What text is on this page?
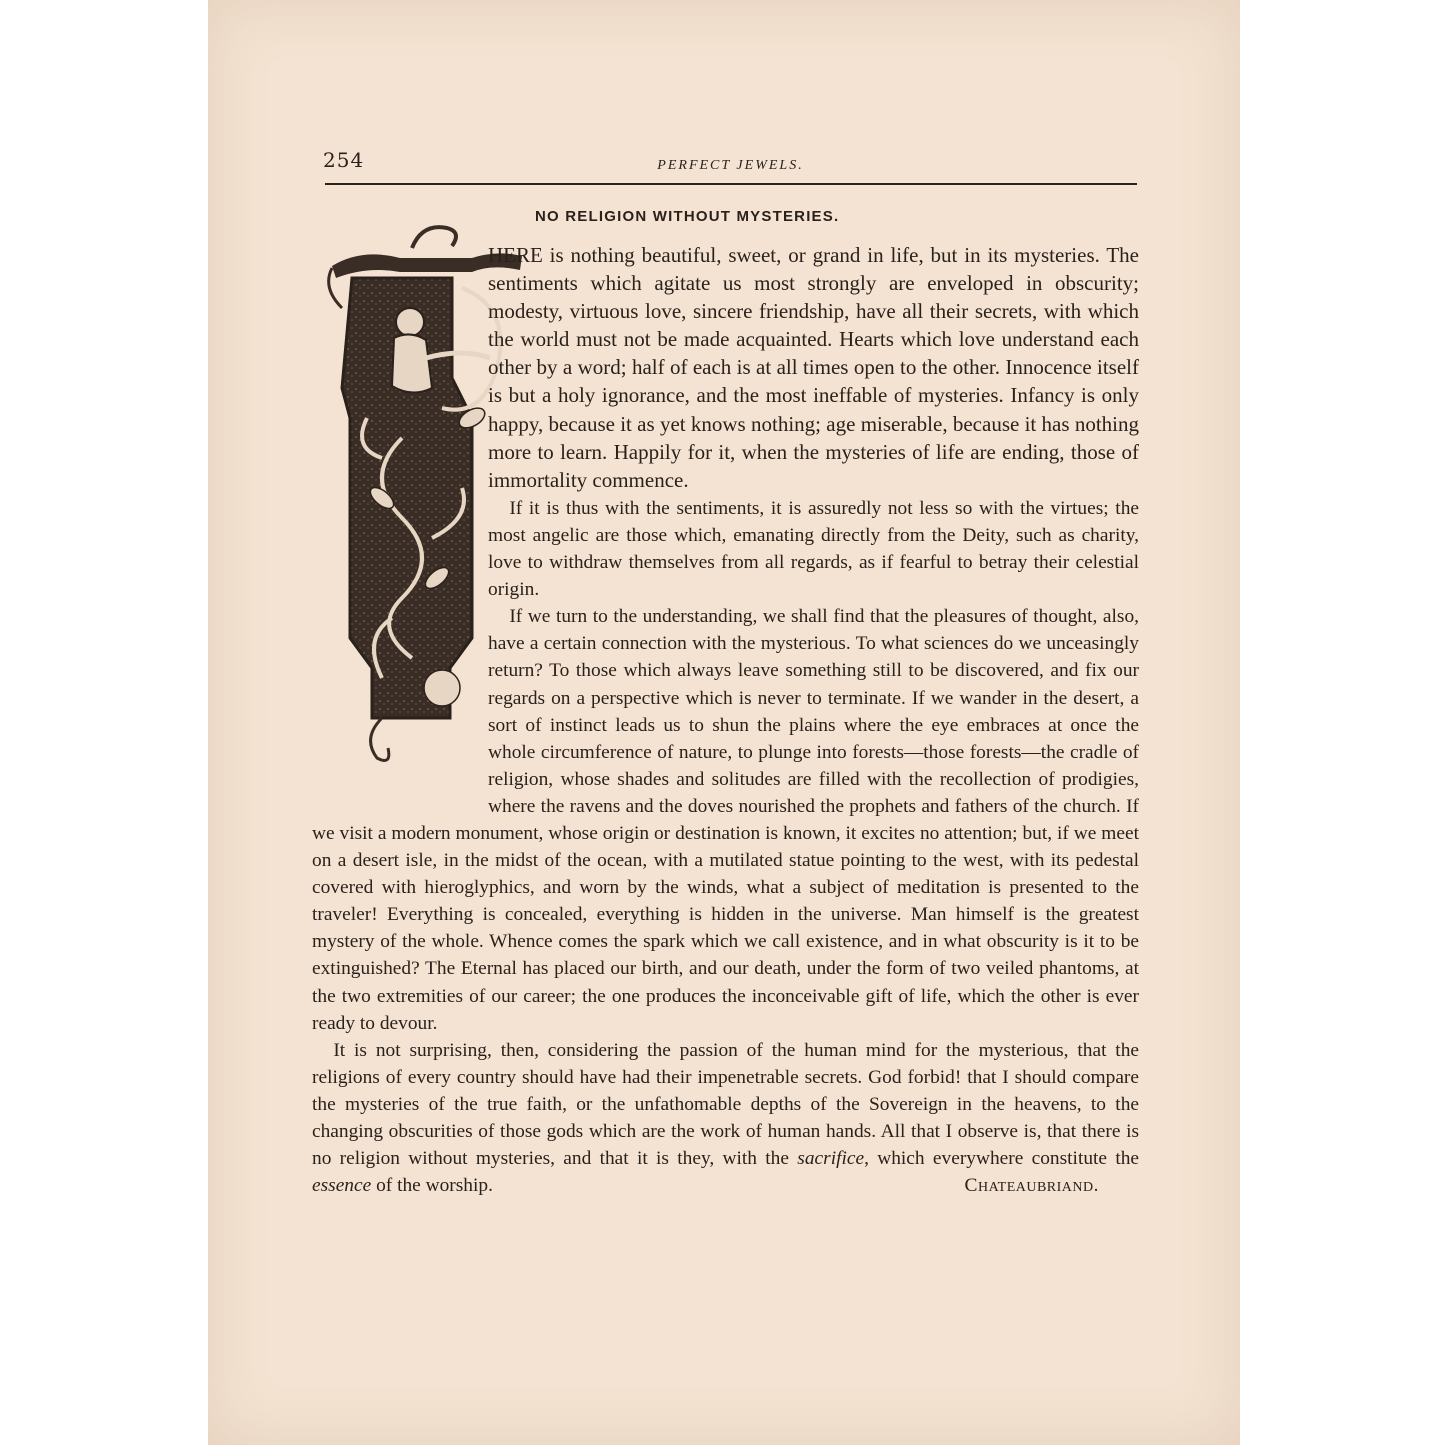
254	PERFECT JEWELS.
NO RELIGION WITHOUT MYSTERIES.

HERE is nothing beautiful, sweet, or grand in life, but in its mysteries. The sentiments which agitate us most strongly are enveloped in obscurity; modesty, virtuous love, sincere friendship, have all their secrets, with which the world must not be made acquainted. Hearts which love understand each other by a word; half of each is at all times open to the other. Innocence itself is but a holy ignorance, and the most ineffable of mysteries. Infancy is only happy, because it as yet knows nothing; age miserable, because it has nothing more to learn. Happily for it, when the mysteries of life are ending, those of immortality commence.

If it is thus with the sentiments, it is assuredly not less so with the virtues; the most angelic are those which, emanating directly from the Deity, such as charity, love to withdraw themselves from all regards, as if fearful to betray their celestial origin.

If we turn to the understanding, we shall find that the pleasures of thought, also, have a certain connection with the mysterious. To what sciences do we unceasingly return? To those which always leave something still to be discovered, and fix our regards on a perspective which is never to terminate. If we wander in the desert, a sort of instinct leads us to shun the plains where the eye embraces at once the whole circumference of nature, to plunge into forests—those forests—the cradle of religion, whose shades and solitudes are filled with the recollection of prodigies, where the ravens and the doves nourished the prophets and fathers of the church. If we visit a modern monument, whose origin or destination is known, it excites no attention; but, if we meet on a desert isle, in the midst of the ocean, with a mutilated statue pointing to the west, with its pedestal covered with hieroglyphics, and worn by the winds, what a subject of meditation is presented to the traveler! Everything is concealed, everything is hidden in the universe. Man himself is the greatest mystery of the whole. Whence comes the spark which we call existence, and in what obscurity is it to be extinguished? The Eternal has placed our birth, and our death, under the form of two veiled phantoms, at the two extremities of our career; the one produces the inconceivable gift of life, which the other is ever ready to devour.

It is not surprising, then, considering the passion of the human mind for the mysterious, that the religions of every country should have had their impenetrable secrets. God forbid! that I should compare the mysteries of the true faith, or the unfathomable depths of the Sovereign in the heavens, to the changing obscurities of those gods which are the work of human hands. All that I observe is, that there is no religion without mysteries, and that it is they, with the sacrifice, which everywhere constitute the essence of the worship.	Chateaubriand.
